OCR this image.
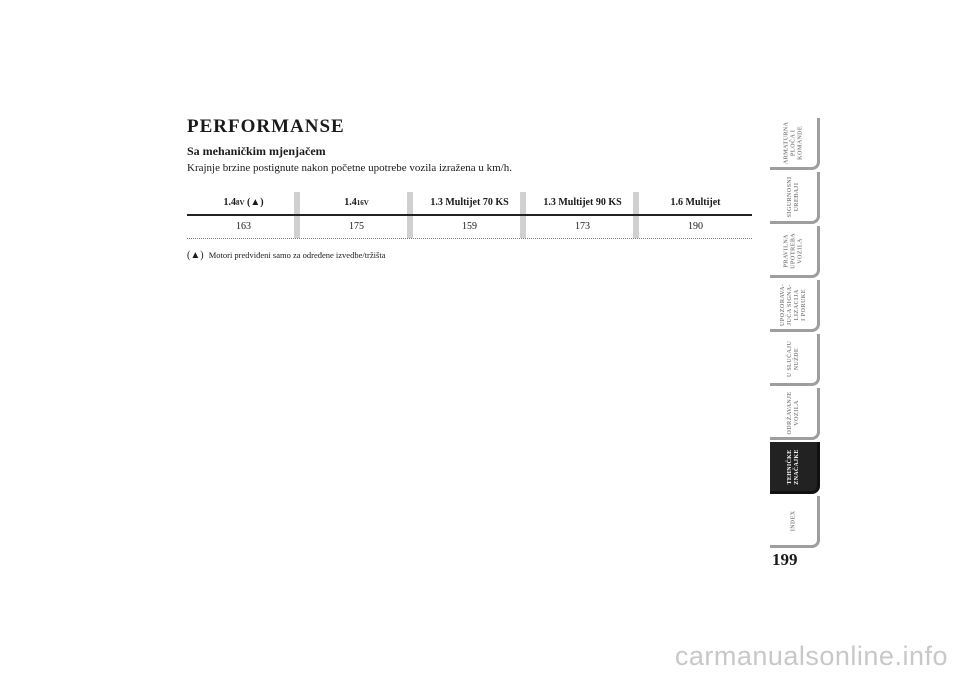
PERFORMANSE
Sa mehaničkim mjenjačem
Krajnje brzine postignute nakon početne upotrebe vozila izražena u km/h.
1.48V (▲)	1.416V	1.3 Multijet 70 KS	1.3 Multijet 90 KS	1.6 Multijet
163	175	159	173	190
(▲) Motori predviđeni samo za određene izvedbe/tržišta
ARMATURNA
PLOČA I
KOMANDE
SIGURNOSNI
UREĐAJI
PRAVILNA
UPOTREBA
VOZILA
UPOZORAVA-
JUĆA SIGNA-
LIZACIJA
I PORUKE
U SLUČAJU
NUŽDE
ODRŽAVANJE
VOZILA
TEHNIČKE
ZNAČAJKE
INDEX
199
carmanualsonline.info
